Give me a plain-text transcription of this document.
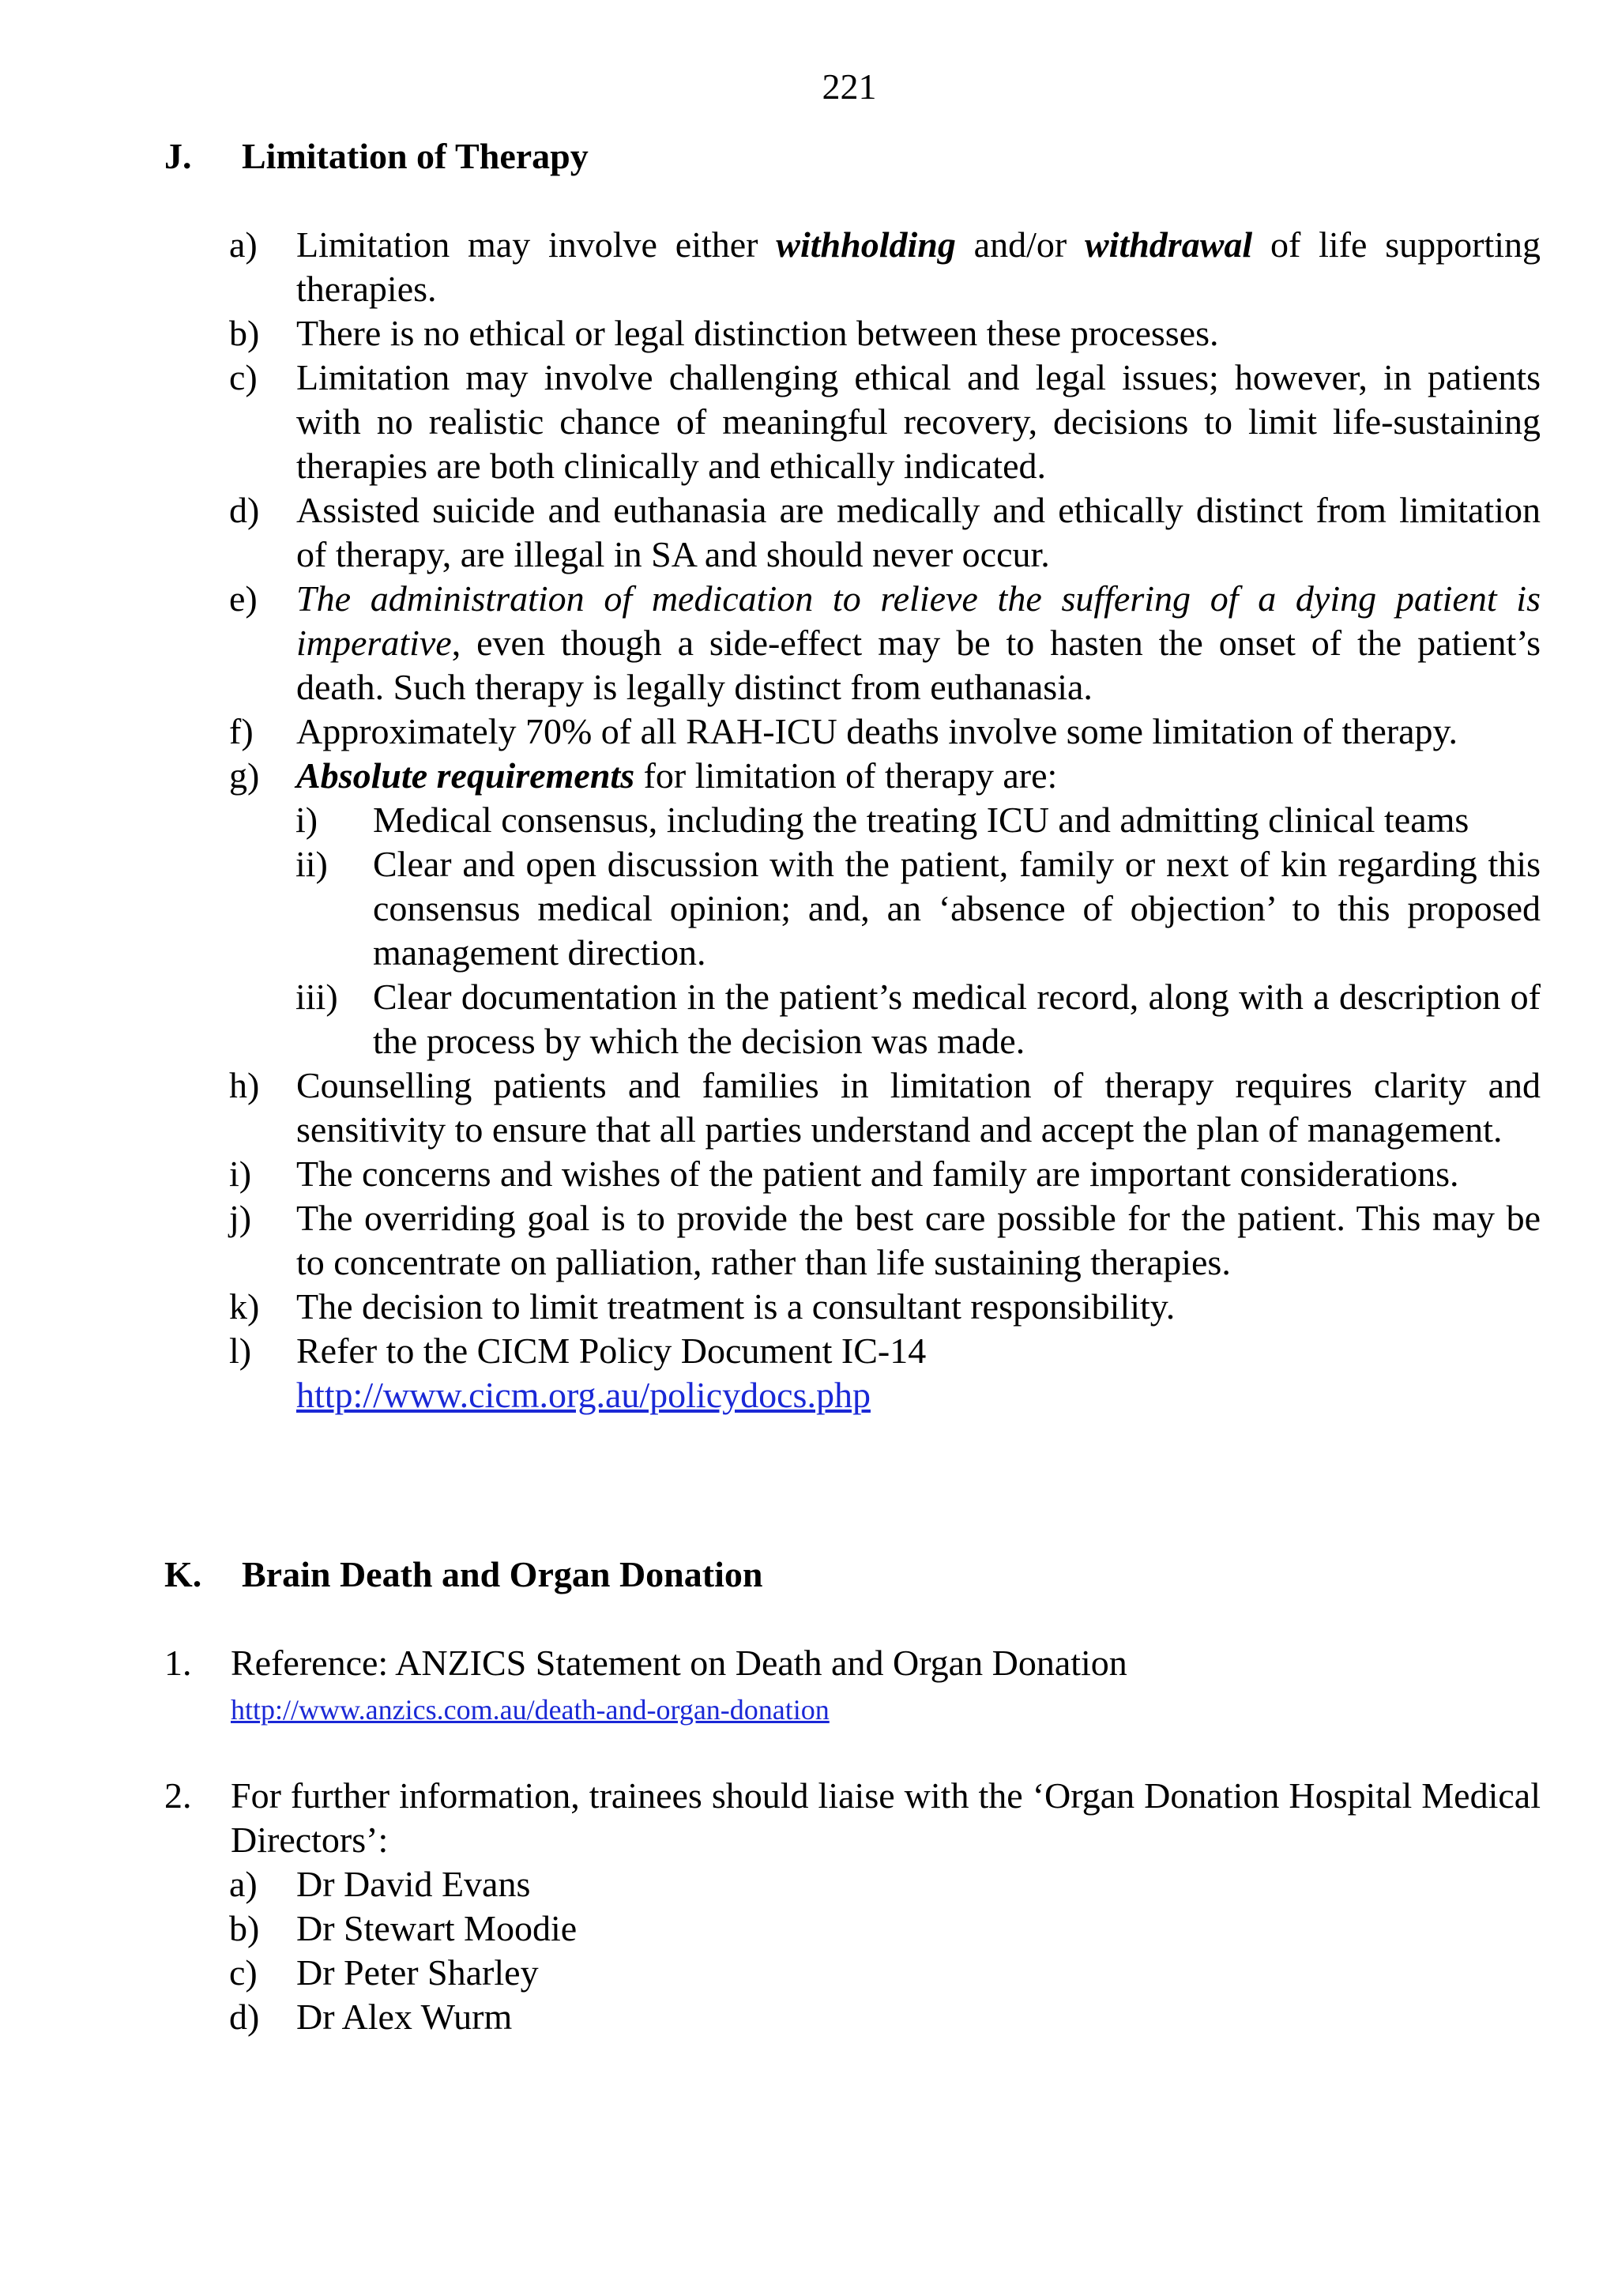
221
J. Limitation of Therapy
a) Limitation may involve either withholding and/or withdrawal of life supporting therapies.
b) There is no ethical or legal distinction between these processes.
c) Limitation may involve challenging ethical and legal issues; however, in patients with no realistic chance of meaningful recovery, decisions to limit life-sustaining therapies are both clinically and ethically indicated.
d) Assisted suicide and euthanasia are medically and ethically distinct from limitation of therapy, are illegal in SA and should never occur.
e) The administration of medication to relieve the suffering of a dying patient is imperative, even though a side-effect may be to hasten the onset of the patient’s death. Such therapy is legally distinct from euthanasia.
f) Approximately 70% of all RAH-ICU deaths involve some limitation of therapy.
g) Absolute requirements for limitation of therapy are:
i) Medical consensus, including the treating ICU and admitting clinical teams
ii) Clear and open discussion with the patient, family or next of kin regarding this consensus medical opinion; and, an ‘absence of objection’ to this proposed management direction.
iii) Clear documentation in the patient’s medical record, along with a description of the process by which the decision was made.
h) Counselling patients and families in limitation of therapy requires clarity and sensitivity to ensure that all parties understand and accept the plan of management.
i) The concerns and wishes of the patient and family are important considerations.
j) The overriding goal is to provide the best care possible for the patient. This may be to concentrate on palliation, rather than life sustaining therapies.
k) The decision to limit treatment is a consultant responsibility.
l) Refer to the CICM Policy Document IC-14
http://www.cicm.org.au/policydocs.php
K. Brain Death and Organ Donation
1. Reference: ANZICS Statement on Death and Organ Donation
http://www.anzics.com.au/death-and-organ-donation
2. For further information, trainees should liaise with the ‘Organ Donation Hospital Medical Directors’:
a) Dr David Evans
b) Dr Stewart Moodie
c) Dr Peter Sharley
d) Dr Alex Wurm
